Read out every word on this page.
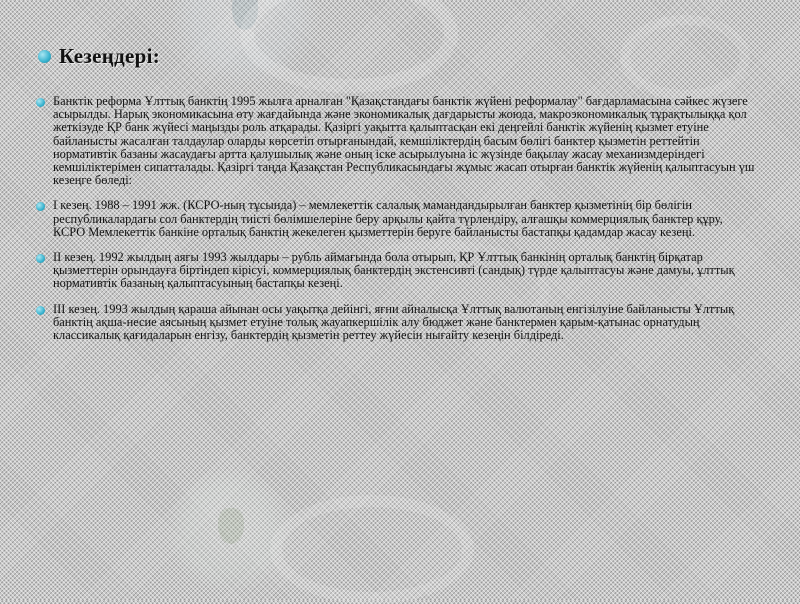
Кезеңдері:
Банктік реформа Ұлттық банктің 1995 жылға арналған "Қазақстандағы банктік жүйені реформалау" бағдарламасына сәйкес жүзеге асырылды. Нарық экономикасына өту жағдайында және экономикалық дағдарысты жоюда, макроэкономикалық тұрақтылыққа қол жеткізуде ҚР банк жүйесі маңызды роль атқарады. Қазіргі уақытта қалыптасқан екі деңгейлі банктік жүйенің қызмет етуіне байланысты жасалған талдаулар оларды көрсетіп отырғанындай, кемшіліктердің басым бөлігі банктер қызметін реттейтін нормативтік базаны жасаудағы артта қалушылық және оның іске асырылуына іс жүзінде бақылау жасау механизмдеріндегі кемшіліктерімен сипатталады. Қазіргі таңда Қазақстан Республикасындағы жұмыс жасап отырған банктік жүйенің қалыптасуын үш кезеңге бөледі:
I кезең. 1988 – 1991 жж. (КСРО-ның тұсында) – мемлекеттік салалық мамандандырылған банктер қызметінің бір бөлігін республикалардағы сол банктердің тиісті бөлімшелеріне беру арқылы қайта түрлендіру, алғашқы коммерциялық банктер құру, КСРО Мемлекеттік банкіне орталық банктің жекелеген қызметтерін беруге байланысты бастапқы қадамдар жасау кезеңі.
II кезең. 1992 жылдың аяғы 1993 жылдары – рубль аймағында бола отырып, ҚР Ұлттық банкінің орталық банктің бірқатар қызметтерін орындауға біртіндеп кірісуі, коммерциялық банктердің экстенсивті (сандық) түрде қалыптасуы және дамуы, ұлттық нормативтік базаның қалыптасуының бастапқы кезеңі.
III кезең. 1993 жылдың қараша айынан осы уақытқа дейінгі, яғни айналысқа Ұлттық валютаның енгізілуіне байланысты Ұлттық банктің ақша-несие аясының қызмет етуіне толық жауапкершілік алу бюджет және банктермен қарым-қатынас орнатудың классикалық қағидаларын енгізу, банктердің қызметін реттеу жүйесін нығайту кезеңін білдіреді.
